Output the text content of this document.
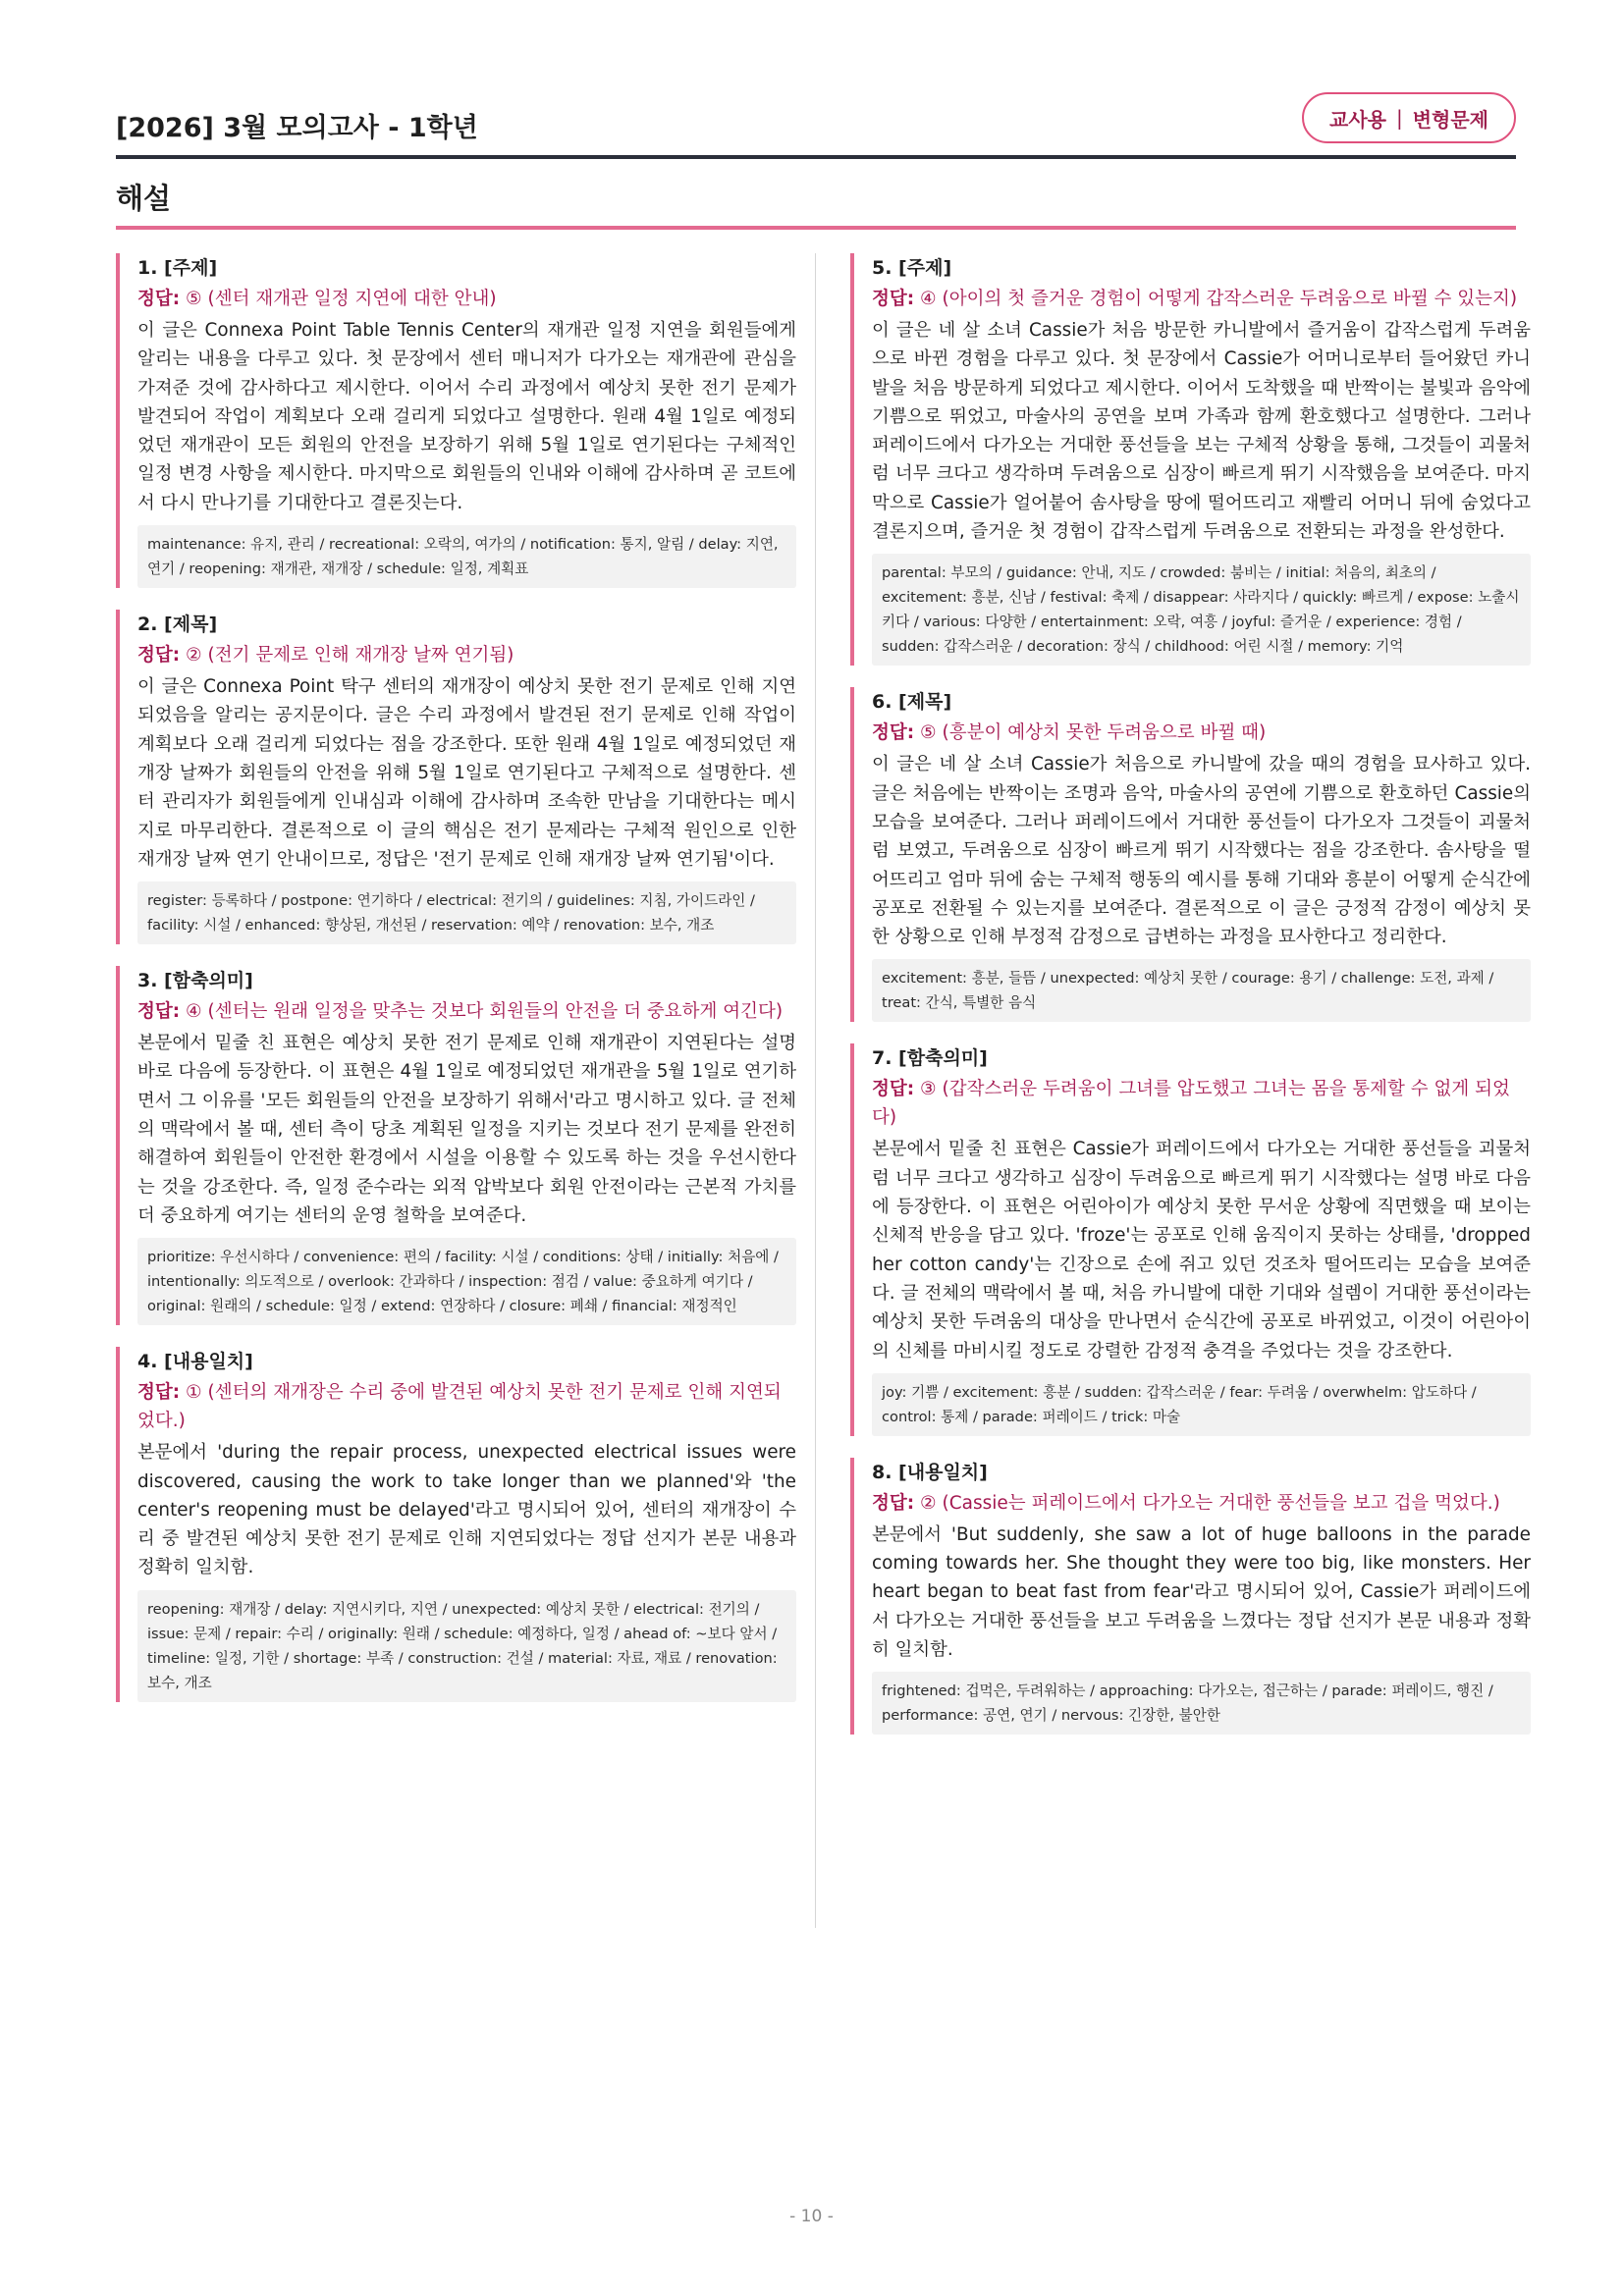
[2026] 3월 모의고사 - 1학년	교사용 | 변형문제
해설
1. [주제]
정답: ⑤ (센터 재개관 일정 지연에 대한 안내)
이 글은 Connexa Point Table Tennis Center의 재개관 일정 지연을 회원들에게 알리는 내용을 다루고 있다. 첫 문장에서 센터 매니저가 다가오는 재개관에 관심을 가져준 것에 감사하다고 제시한다. 이어서 수리 과정에서 예상치 못한 전기 문제가 발견되어 작업이 계획보다 오래 걸리게 되었다고 설명한다. 원래 4월 1일로 예정되었던 재개관이 모든 회원의 안전을 보장하기 위해 5월 1일로 연기된다는 구체적인 일정 변경 사항을 제시한다. 마지막으로 회원들의 인내와 이해에 감사하며 곧 코트에서 다시 만나기를 기대한다고 결론짓는다.
maintenance: 유지, 관리 / recreational: 오락의, 여가의 / notification: 통지, 알림 / delay: 지연, 연기 / reopening: 재개관, 재개장 / schedule: 일정, 계획표
2. [제목]
정답: ② (전기 문제로 인해 재개장 날짜 연기됨)
이 글은 Connexa Point 탁구 센터의 재개장이 예상치 못한 전기 문제로 인해 지연되었음을 알리는 공지문이다. 글은 수리 과정에서 발견된 전기 문제로 인해 작업이 계획보다 오래 걸리게 되었다는 점을 강조한다. 또한 원래 4월 1일로 예정되었던 재개장 날짜가 회원들의 안전을 위해 5월 1일로 연기된다고 구체적으로 설명한다. 센터 관리자가 회원들에게 인내심과 이해에 감사하며 조속한 만남을 기대한다는 메시지로 마무리한다. 결론적으로 이 글의 핵심은 전기 문제라는 구체적 원인으로 인한 재개장 날짜 연기 안내이므로, 정답은 '전기 문제로 인해 재개장 날짜 연기됨'이다.
register: 등록하다 / postpone: 연기하다 / electrical: 전기의 / guidelines: 지침, 가이드라인 / facility: 시설 / enhanced: 향상된, 개선된 / reservation: 예약 / renovation: 보수, 개조
3. [함축의미]
정답: ④ (센터는 원래 일정을 맞추는 것보다 회원들의 안전을 더 중요하게 여긴다)
본문에서 밑줄 친 표현은 예상치 못한 전기 문제로 인해 재개관이 지연된다는 설명 바로 다음에 등장한다. 이 표현은 4월 1일로 예정되었던 재개관을 5월 1일로 연기하면서 그 이유를 '모든 회원들의 안전을 보장하기 위해서'라고 명시하고 있다. 글 전체의 맥락에서 볼 때, 센터 측이 당초 계획된 일정을 지키는 것보다 전기 문제를 완전히 해결하여 회원들이 안전한 환경에서 시설을 이용할 수 있도록 하는 것을 우선시한다는 것을 강조한다. 즉, 일정 준수라는 외적 압박보다 회원 안전이라는 근본적 가치를 더 중요하게 여기는 센터의 운영 철학을 보여준다.
prioritize: 우선시하다 / convenience: 편의 / facility: 시설 / conditions: 상태 / initially: 처음에 / intentionally: 의도적으로 / overlook: 간과하다 / inspection: 점검 / value: 중요하게 여기다 / original: 원래의 / schedule: 일정 / extend: 연장하다 / closure: 폐쇄 / financial: 재정적인
4. [내용일치]
정답: ① (센터의 재개장은 수리 중에 발견된 예상치 못한 전기 문제로 인해 지연되었다.)
본문에서 'during the repair process, unexpected electrical issues were discovered, causing the work to take longer than we planned'와 'the center's reopening must be delayed'라고 명시되어 있어, 센터의 재개장이 수리 중 발견된 예상치 못한 전기 문제로 인해 지연되었다는 정답 선지가 본문 내용과 정확히 일치함.
reopening: 재개장 / delay: 지연시키다, 지연 / unexpected: 예상치 못한 / electrical: 전기의 / issue: 문제 / repair: 수리 / originally: 원래 / schedule: 예정하다, 일정 / ahead of: ~보다 앞서 / timeline: 일정, 기한 / shortage: 부족 / construction: 건설 / material: 자료, 재료 / renovation: 보수, 개조
5. [주제]
정답: ④ (아이의 첫 즐거운 경험이 어떻게 갑작스러운 두려움으로 바뀔 수 있는지)
이 글은 네 살 소녀 Cassie가 처음 방문한 카니발에서 즐거움이 갑작스럽게 두려움으로 바뀐 경험을 다루고 있다. 첫 문장에서 Cassie가 어머니로부터 들어왔던 카니발을 처음 방문하게 되었다고 제시한다. 이어서 도착했을 때 반짝이는 불빛과 음악에 기쁨으로 뛰었고, 마술사의 공연을 보며 가족과 함께 환호했다고 설명한다. 그러나 퍼레이드에서 다가오는 거대한 풍선들을 보는 구체적 상황을 통해, 그것들이 괴물처럼 너무 크다고 생각하며 두려움으로 심장이 빠르게 뛰기 시작했음을 보여준다. 마지막으로 Cassie가 얼어붙어 솜사탕을 땅에 떨어뜨리고 재빨리 어머니 뒤에 숨었다고 결론지으며, 즐거운 첫 경험이 갑작스럽게 두려움으로 전환되는 과정을 완성한다.
parental: 부모의 / guidance: 안내, 지도 / crowded: 붐비는 / initial: 처음의, 최초의 / excitement: 흥분, 신남 / festival: 축제 / disappear: 사라지다 / quickly: 빠르게 / expose: 노출시키다 / various: 다양한 / entertainment: 오락, 여흥 / joyful: 즐거운 / experience: 경험 / sudden: 갑작스러운 / decoration: 장식 / childhood: 어린 시절 / memory: 기억
6. [제목]
정답: ⑤ (흥분이 예상치 못한 두려움으로 바뀔 때)
이 글은 네 살 소녀 Cassie가 처음으로 카니발에 갔을 때의 경험을 묘사하고 있다. 글은 처음에는 반짝이는 조명과 음악, 마술사의 공연에 기쁨으로 환호하던 Cassie의 모습을 보여준다. 그러나 퍼레이드에서 거대한 풍선들이 다가오자 그것들이 괴물처럼 보였고, 두려움으로 심장이 빠르게 뛰기 시작했다는 점을 강조한다. 솜사탕을 떨어뜨리고 엄마 뒤에 숨는 구체적 행동의 예시를 통해 기대와 흥분이 어떻게 순식간에 공포로 전환될 수 있는지를 보여준다. 결론적으로 이 글은 긍정적 감정이 예상치 못한 상황으로 인해 부정적 감정으로 급변하는 과정을 묘사한다고 정리한다.
excitement: 흥분, 들뜸 / unexpected: 예상치 못한 / courage: 용기 / challenge: 도전, 과제 / treat: 간식, 특별한 음식
7. [함축의미]
정답: ③ (갑작스러운 두려움이 그녀를 압도했고 그녀는 몸을 통제할 수 없게 되었다)
본문에서 밑줄 친 표현은 Cassie가 퍼레이드에서 다가오는 거대한 풍선들을 괴물처럼 너무 크다고 생각하고 심장이 두려움으로 빠르게 뛰기 시작했다는 설명 바로 다음에 등장한다. 이 표현은 어린아이가 예상치 못한 무서운 상황에 직면했을 때 보이는 신체적 반응을 담고 있다. 'froze'는 공포로 인해 움직이지 못하는 상태를, 'dropped her cotton candy'는 긴장으로 손에 쥐고 있던 것조차 떨어뜨리는 모습을 보여준다. 글 전체의 맥락에서 볼 때, 처음 카니발에 대한 기대와 설렘이 거대한 풍선이라는 예상치 못한 두려움의 대상을 만나면서 순식간에 공포로 바뀌었고, 이것이 어린아이의 신체를 마비시킬 정도로 강렬한 감정적 충격을 주었다는 것을 강조한다.
joy: 기쁨 / excitement: 흥분 / sudden: 갑작스러운 / fear: 두려움 / overwhelm: 압도하다 / control: 통제 / parade: 퍼레이드 / trick: 마술
8. [내용일치]
정답: ② (Cassie는 퍼레이드에서 다가오는 거대한 풍선들을 보고 겁을 먹었다.)
본문에서 'But suddenly, she saw a lot of huge balloons in the parade coming towards her. She thought they were too big, like monsters. Her heart began to beat fast from fear'라고 명시되어 있어, Cassie가 퍼레이드에서 다가오는 거대한 풍선들을 보고 두려움을 느꼈다는 정답 선지가 본문 내용과 정확히 일치함.
frightened: 겁먹은, 두려워하는 / approaching: 다가오는, 접근하는 / parade: 퍼레이드, 행진 / performance: 공연, 연기 / nervous: 긴장한, 불안한
- 10 -
